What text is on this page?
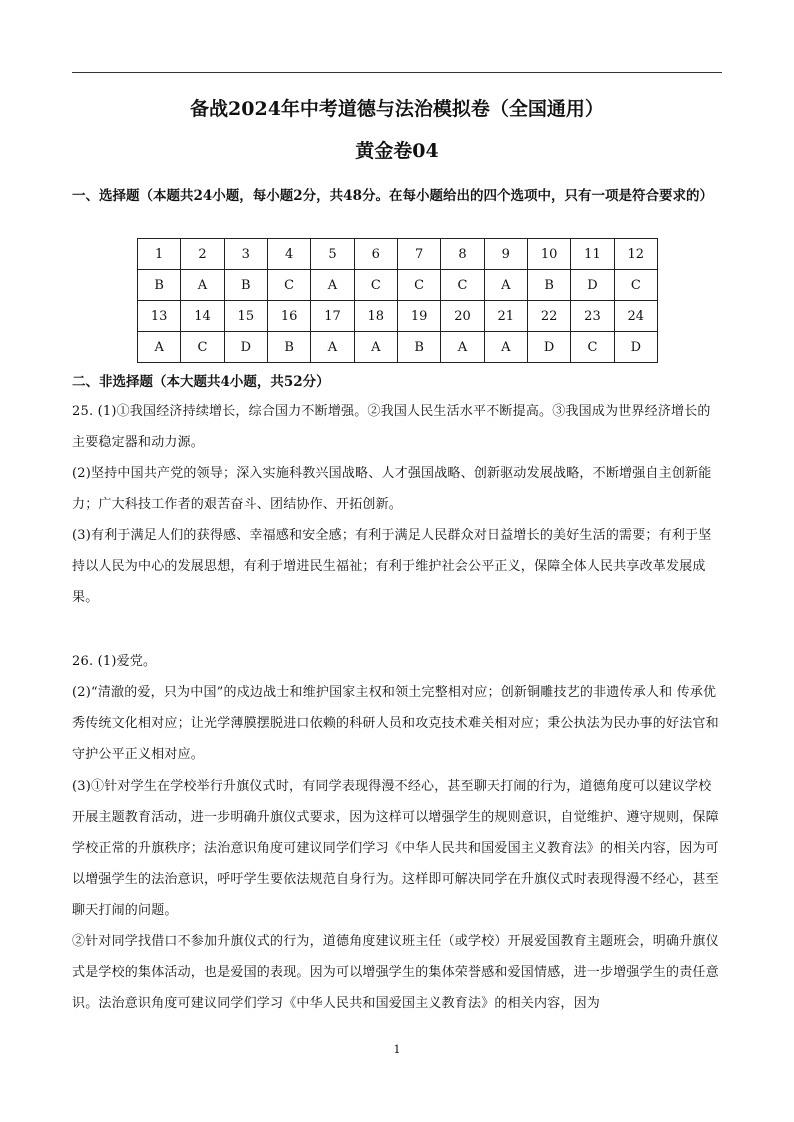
备战2024年中考道德与法治模拟卷（全国通用）
黄金卷04
一、选择题（本题共24小题，每小题2分，共48分。在每小题给出的四个选项中，只有一项是符合要求的）
1	2	3	4	5	6	7	8	9	10	11	12
B	A	B	C	A	C	C	C	A	B	D	C
13	14	15	16	17	18	19	20	21	22	23	24
A	C	D	B	A	A	B	A	A	D	C	D
二、非选择题（本大题共4小题，共52分）
25. (1)①我国经济持续增长，综合国力不断增强。②我国人民生活水平不断提高。③我国成为世界经济增长的主要稳定器和动力源。
(2)坚持中国共产党的领导；深入实施科教兴国战略、人才强国战略、创新驱动发展战略，不断增强自主创新能力；广大科技工作者的艰苦奋斗、团结协作、开拓创新。
(3)有利于满足人们的获得感、幸福感和安全感；有利于满足人民群众对日益增长的美好生活的需要；有利于坚持以人民为中心的发展思想，有利于增进民生福祉；有利于维护社会公平正义，保障全体人民共享改革发展成果。
26. (1)爱党。
(2)“清澈的爱，只为中国”的戍边战士和维护国家主权和领土完整相对应；创新铜雕技艺的非遗传承人和 传承优秀传统文化相对应；让光学薄膜摆脱进口依赖的科研人员和攻克技术难关相对应；秉公执法为民办事的好法官和守护公平正义相对应。
(3)①针对学生在学校举行升旗仪式时，有同学表现得漫不经心，甚至聊天打闹的行为，道德角度可以建议学校开展主题教育活动，进一步明确升旗仪式要求，因为这样可以增强学生的规则意识，自觉维护、遵守规则，保障学校正常的升旗秩序；法治意识角度可建议同学们学习《中华人民共和国爱国主义教育法》的相关内容，因为可以增强学生的法治意识，呼吁学生要依法规范自身行为。这样即可解决同学在升旗仪式时表现得漫不经心，甚至聊天打闹的问题。
②针对同学找借口不参加升旗仪式的行为，道德角度建议班主任（或学校）开展爱国教育主题班会，明确升旗仪式是学校的集体活动，也是爱国的表现。因为可以增强学生的集体荣誉感和爱国情感，进一步增强学生的责任意识。法治意识角度可建议同学们学习《中华人民共和国爱国主义教育法》的相关内容，因为
1
